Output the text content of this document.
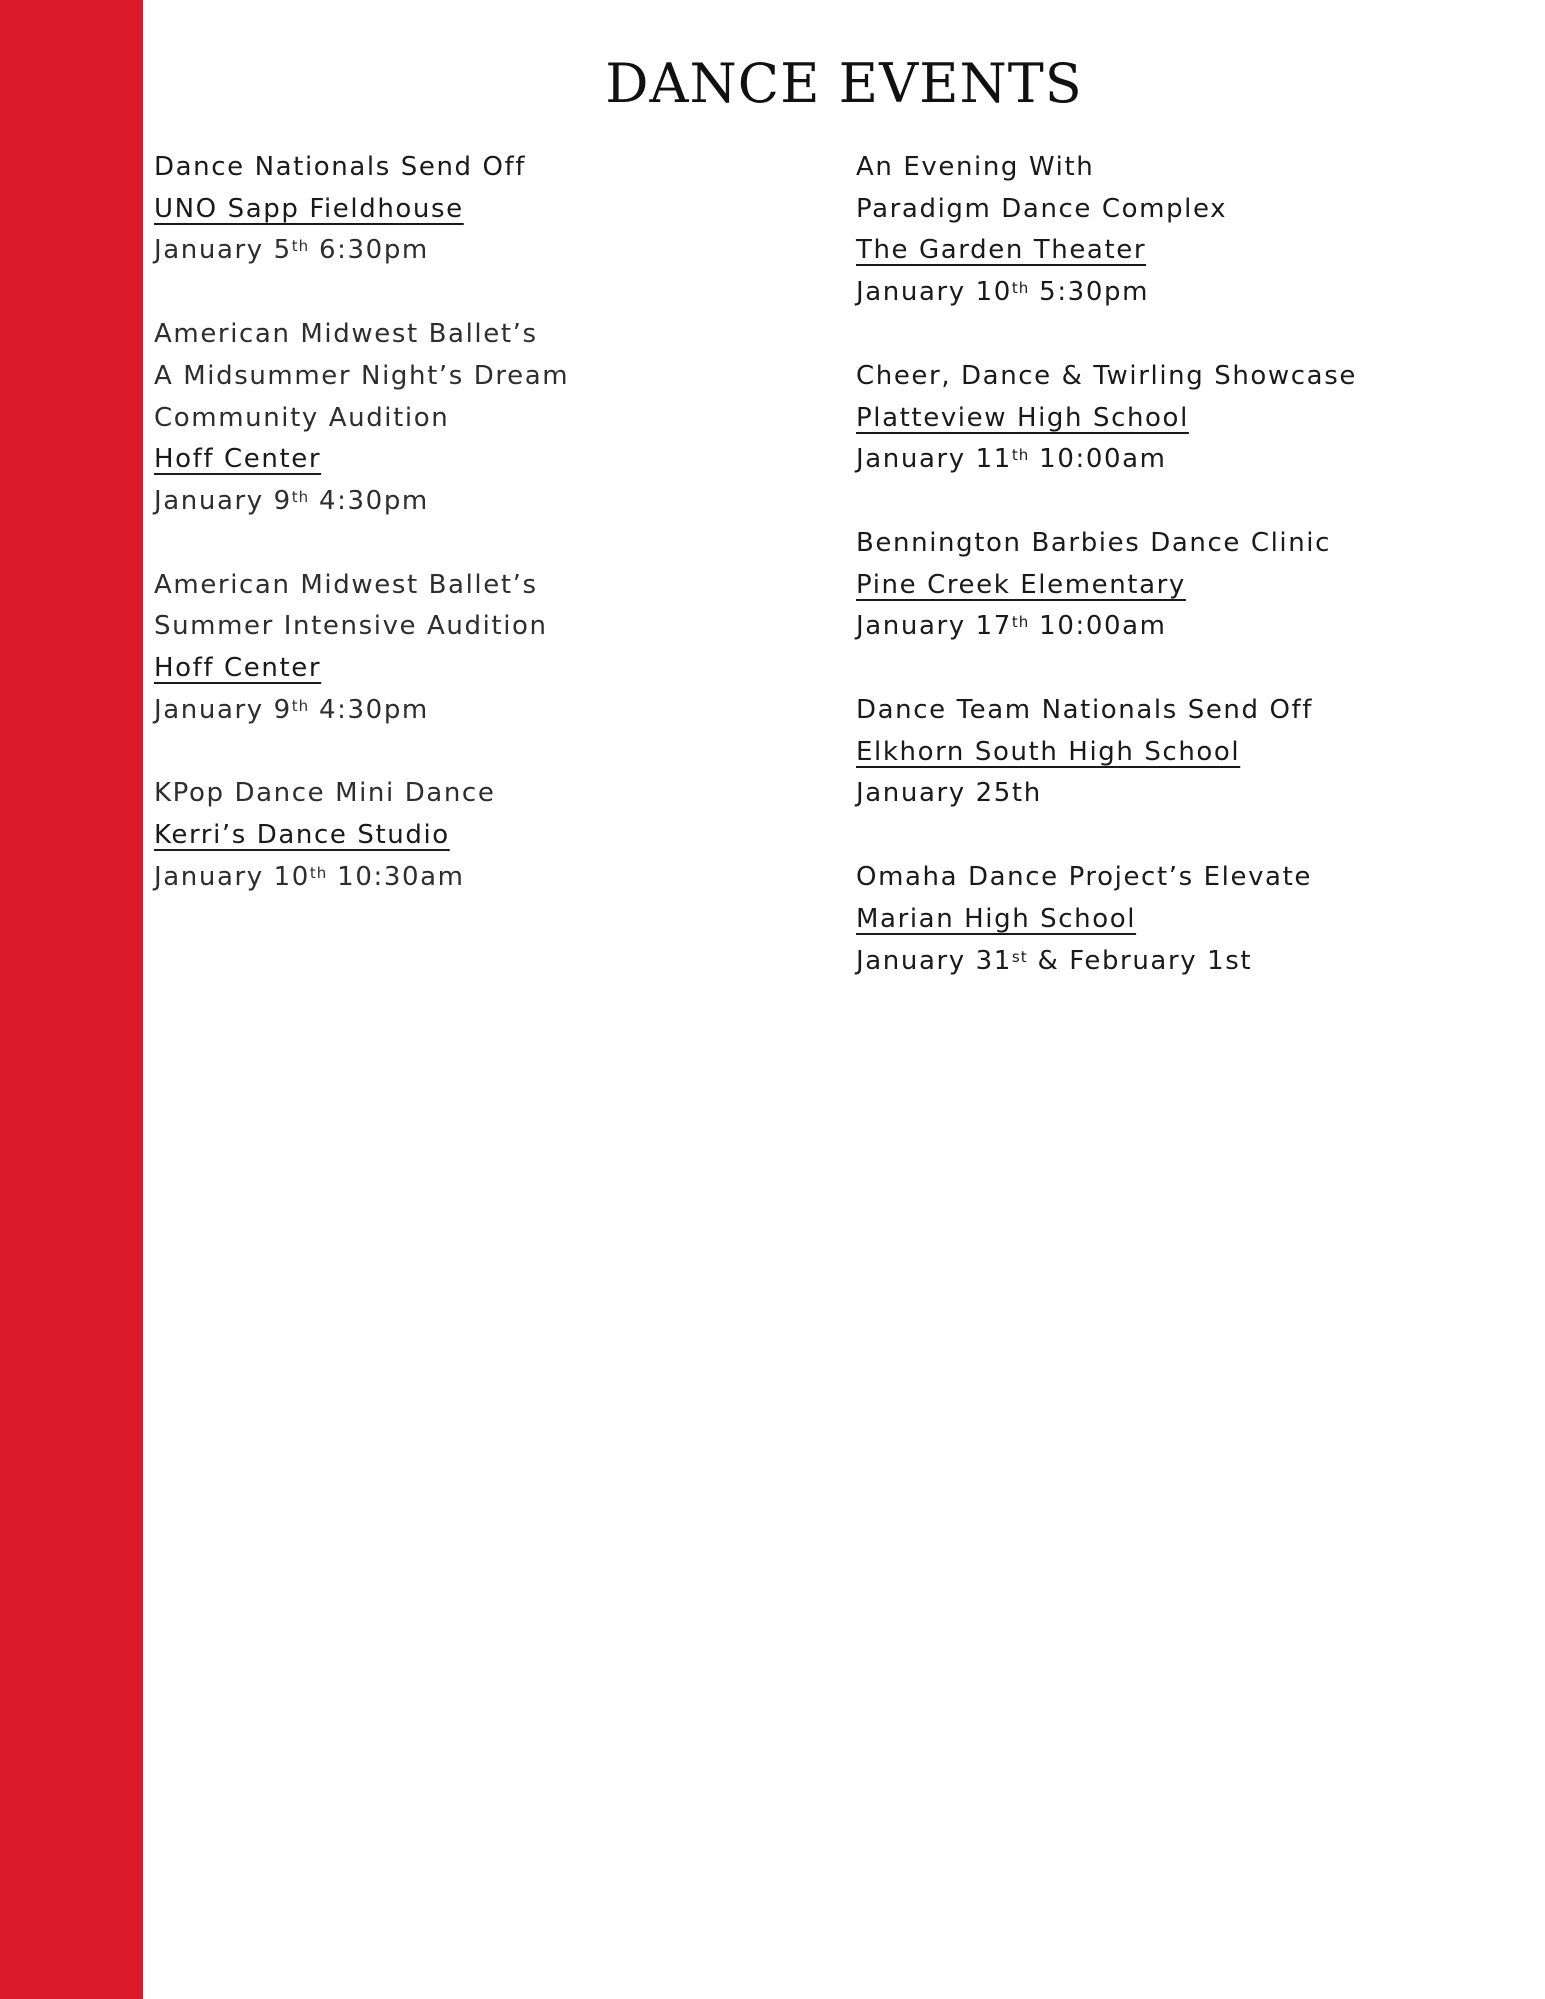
DANCE EVENTS
Dance Nationals Send Off
UNO Sapp Fieldhouse
January 5th 6:30pm
American Midwest Ballet’s
A Midsummer Night’s Dream
Community Audition
Hoff Center
January 9th 4:30pm
American Midwest Ballet’s
Summer Intensive Audition
Hoff Center
January 9th 4:30pm
KPop Dance Mini Dance
Kerri’s Dance Studio
January 10th 10:30am
An Evening With
Paradigm Dance Complex
The Garden Theater
January 10th 5:30pm
Cheer, Dance & Twirling Showcase
Platteview High School
January 11th 10:00am
Bennington Barbies Dance Clinic
Pine Creek Elementary
January 17th 10:00am
Dance Team Nationals Send Off
Elkhorn South High School
January 25th
Omaha Dance Project’s Elevate
Marian High School
January 31st & February 1st
